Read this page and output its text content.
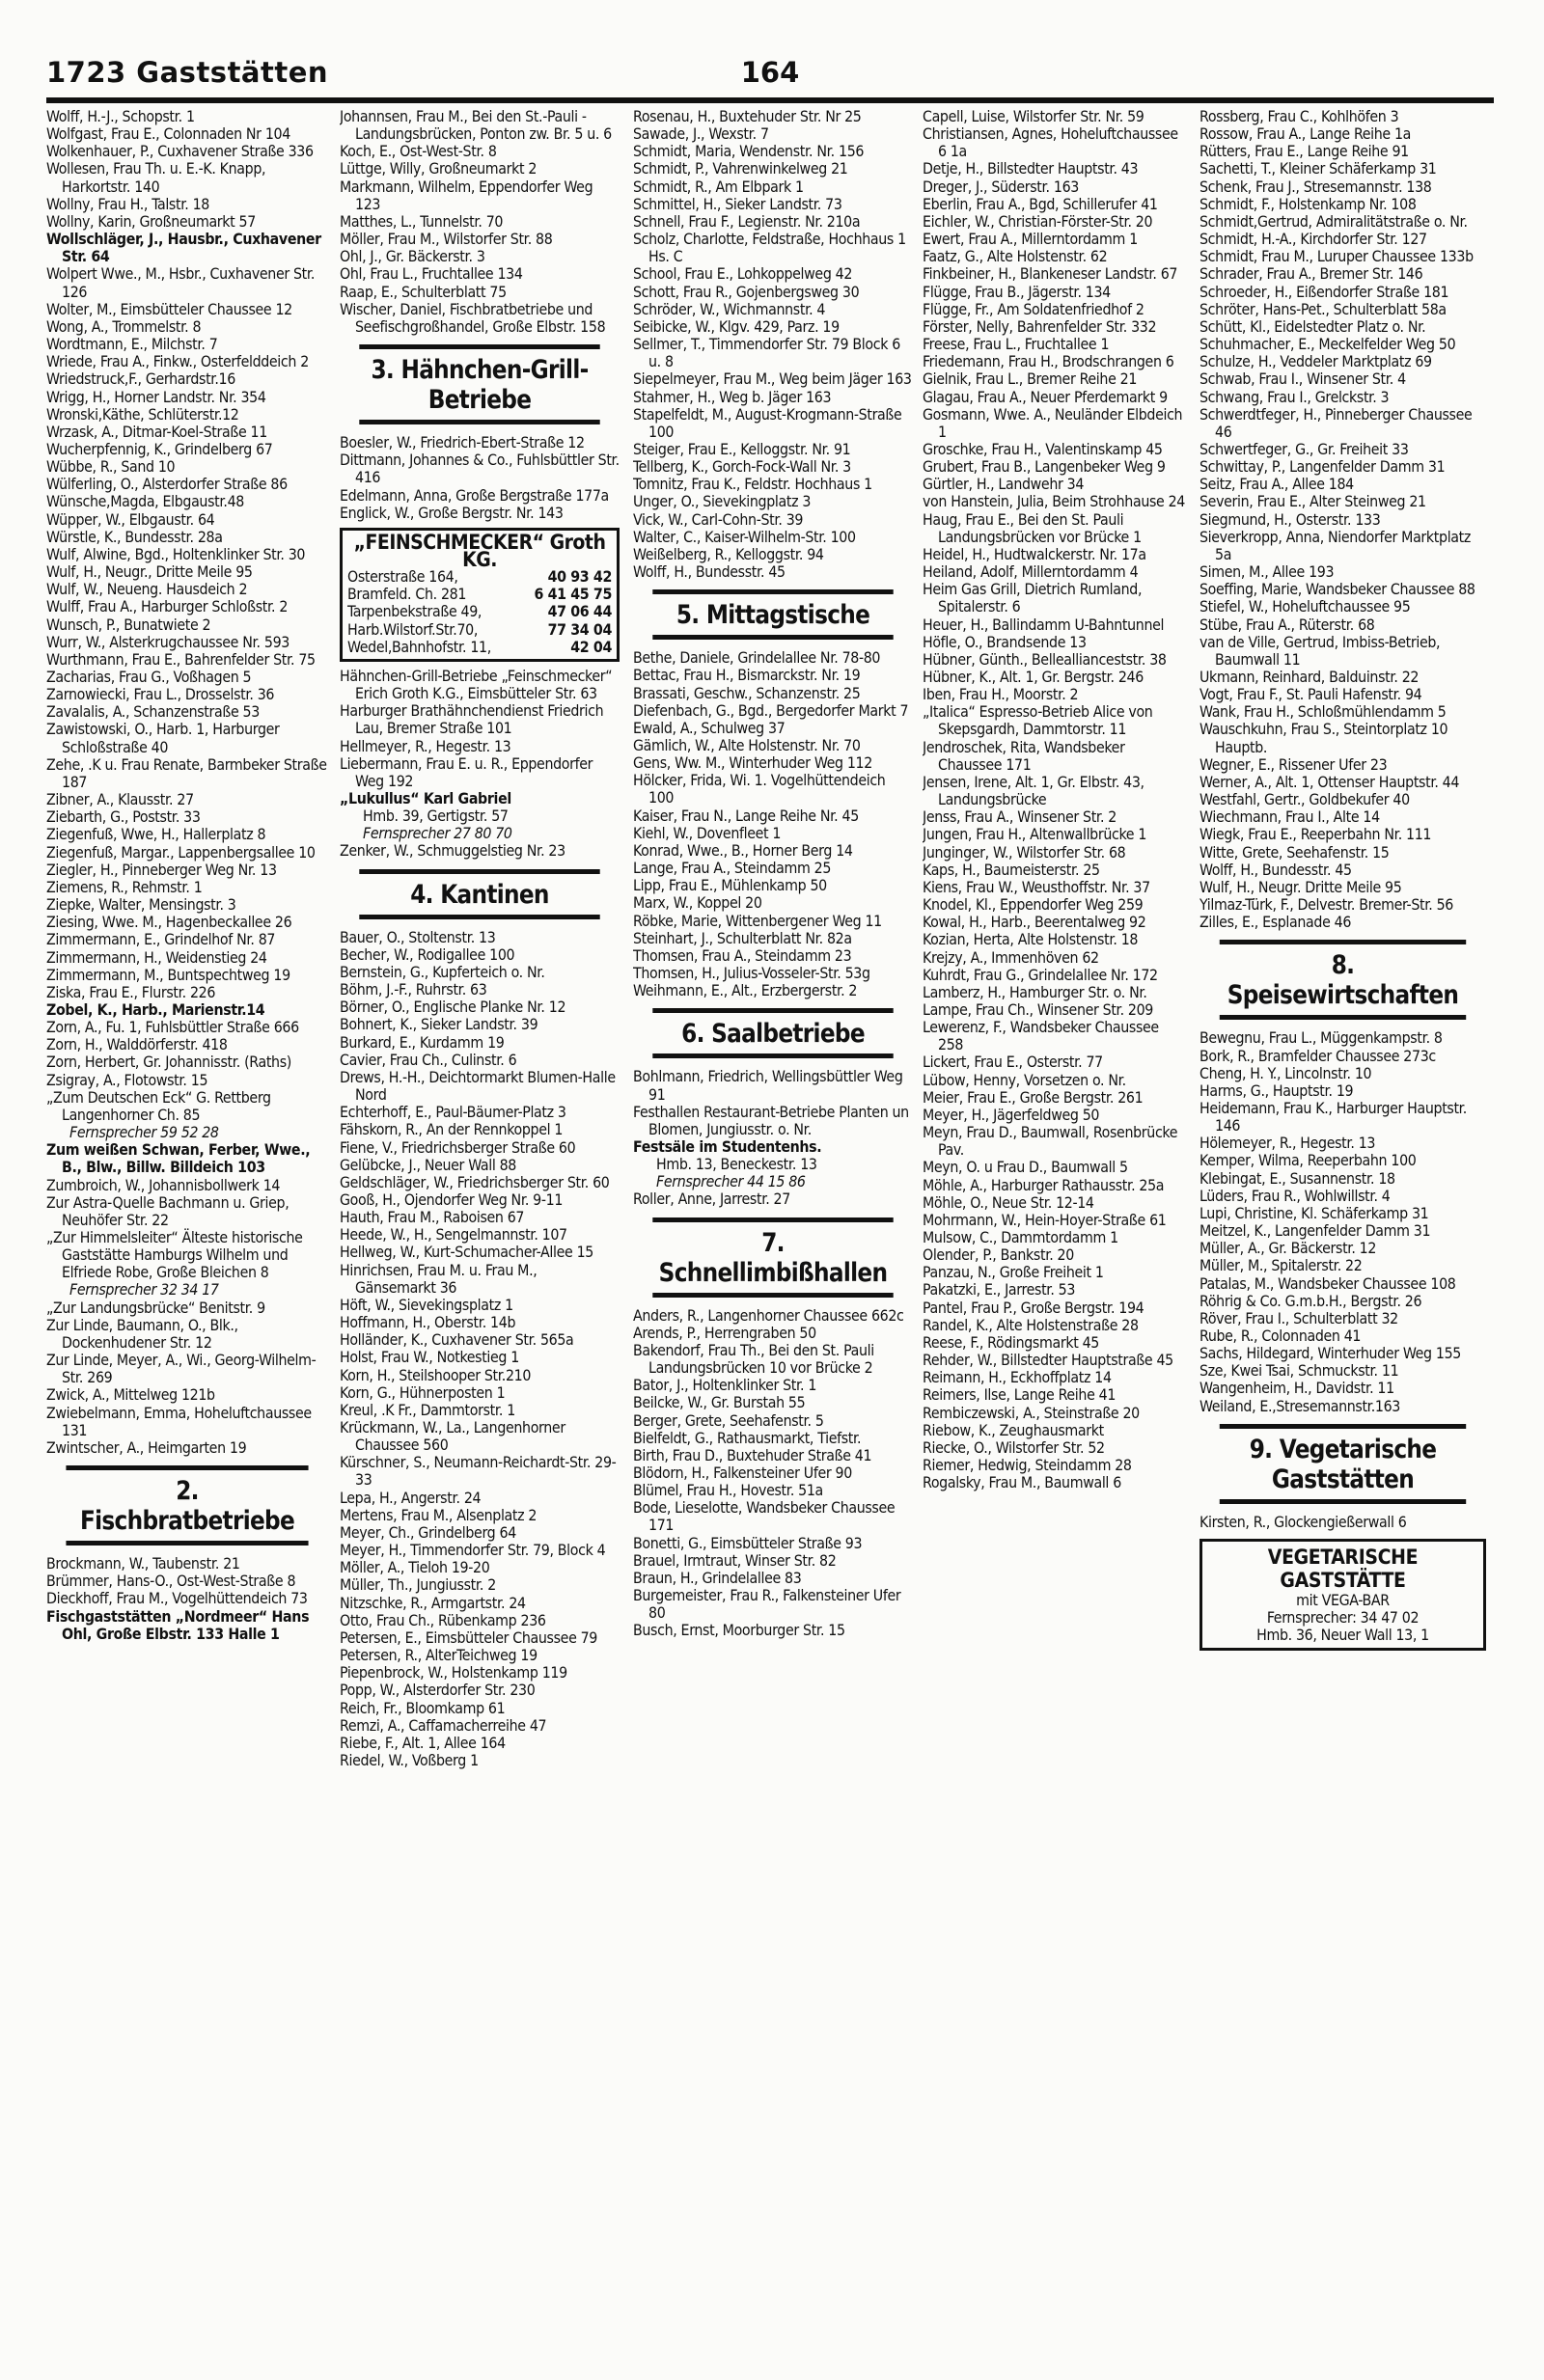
164
1723 Gaststätten
Wolff, H.-J., Schopstr. 1
Wolfgast, Frau E., Colonnaden Nr 104
Wolkenhauer, P., Cuxhavener Straße 336
Wollesen, Frau Th. u. E.-K. Knapp, Harkortstr. 140
Wollny, Frau H., Talstr. 18
Wollny, Karin, Großneumarkt 57
Wollschläger, J., Hausbr., Cuxhavener Str. 64
Wolpert Wwe., M., Hsbr., Cuxhavener Str. 126
Wolter, M., Eimsbütteler Chaussee 12
Wong, A., Trommelstr. 8
Wordtmann, E., Milchstr. 7
Wriede, Frau A., Finkw., Osterfelddeich 2
Wriedstruck,F., Gerhardstr.16
Wrigg, H., Horner Landstr. Nr. 354
Wronski,Käthe, Schlüterstr.12
Wrzask, A., Ditmar-Koel-Straße 11
Wucherpfennig, K., Grindelberg 67
Wübbe, R., Sand 10
Wülferling, O., Alsterdorfer Straße 86
Wünsche,Magda, Elbgaustr.48
Wüpper, W., Elbgaustr. 64
Würstle, K., Bundesstr. 28a
Wulf, Alwine, Bgd., Holtenklinker Str. 30
Wulf, H., Neugr., Dritte Meile 95
Wulf, W., Neueng. Hausdeich 2
Wulff, Frau A., Harburger Schloßstr. 2
Wunsch, P., Bunatwiete 2
Wurr, W., Alsterkrugchaussee Nr. 593
Wurthmann, Frau E., Bahrenfelder Str. 75
Zacharias, Frau G., Voßhagen 5
Zarnowiecki, Frau L., Drosselstr. 36
Zavalalis, A., Schanzenstraße 53
Zawistowski, O., Harb. 1, Harburger Schloßstraße 40
Zehe, .K u. Frau Renate, Barmbeker Straße 187
Zibner, A., Klausstr. 27
Ziebarth, G., Poststr. 33
Ziegenfuß, Wwe, H., Hallerplatz 8
Ziegenfuß, Margar., Lappenbergsallee 10
Ziegler, H., Pinneberger Weg Nr. 13
Ziemens, R., Rehmstr. 1
Ziepke, Walter, Mensingstr. 3
Ziesing, Wwe. M., Hagenbeckallee 26
Zimmermann, E., Grindelhof Nr. 87
Zimmermann, H., Weidenstieg 24
Zimmermann, M., Buntspechtweg 19
Ziska, Frau E., Flurstr. 226
Zobel, K., Harb., Marienstr.14
Zorn, A., Fu. 1, Fuhlsbüttler Straße 666
Zorn, H., Walddörferstr. 418
Zorn, Herbert, Gr. Johannisstr. (Raths)
Zsigray, A., Flotowstr. 15
„Zum Deutschen Eck“ G. Rettberg Langenhorner Ch. 85
Fernsprecher 59 52 28
Zum weißen Schwan, Ferber, Wwe., B., Blw., Billw. Billdeich 103
Zumbroich, W., Johannisbollwerk 14
Zur Astra-Quelle Bachmann u. Griep, Neuhöfer Str. 22
„Zur Himmelsleiter“ Älteste historische Gaststätte Hamburgs Wilhelm und Elfriede Robe, Große Bleichen 8
Fernsprecher 32 34 17
„Zur Landungsbrücke“ Benitstr. 9
Zur Linde, Baumann, O., Blk., Dockenhudener Str. 12
Zur Linde, Meyer, A., Wi., Georg-Wilhelm-Str. 269
Zwick, A., Mittelweg 121b
Zwiebelmann, Emma, Hoheluftchaussee 131
Zwintscher, A., Heimgarten 19
2. Fischbratbetriebe
Brockmann, W., Taubenstr. 21
Brümmer, Hans-O., Ost-West-Straße 8
Dieckhoff, Frau M., Vogelhüttendeich 73
Fischgaststätten „Nordmeer“ Hans Ohl, Große Elbstr. 133 Halle 1
Johannsen, Frau M., Bei den St.-Pauli - Landungsbrücken, Ponton zw. Br. 5 u. 6
Koch, E., Ost-West-Str. 8
Lüttge, Willy, Großneumarkt 2
Markmann, Wilhelm, Eppendorfer Weg 123
Matthes, L., Tunnelstr. 70
Möller, Frau M., Wilstorfer Str. 88
Ohl, J., Gr. Bäckerstr. 3
Ohl, Frau L., Fruchtallee 134
Raap, E., Schulterblatt 75
Wischer, Daniel, Fischbratbetriebe und Seefischgroßhandel, Große Elbstr. 158
3. Hähnchen-Grill-Betriebe
Boesler, W., Friedrich-Ebert-Straße 12
Dittmann, Johannes & Co., Fuhlsbüttler Str. 416
Edelmann, Anna, Große Bergstraße 177a
Englick, W., Große Bergstr. Nr. 143
„FEINSCHMECKER“ Groth KG.
Osterstraße 164,	40 93 42
Bramfeld. Ch. 281	6 41 45 75
Tarpenbekstraße 49,	47 06 44
Harb.Wilstorf.Str.70,	77 34 04
Wedel,Bahnhofstr. 11,	42 04
Hähnchen-Grill-Betriebe „Feinschmecker“ Erich Groth K.G., Eimsbütteler Str. 63
Harburger Brathähnchendienst Friedrich Lau, Bremer Straße 101
Hellmeyer, R., Hegestr. 13
Liebermann, Frau E. u. R., Eppendorfer Weg 192
„Lukullus“ Karl Gabriel
Hmb. 39, Gertigstr. 57
Fernsprecher 27 80 70
Zenker, W., Schmuggelstieg Nr. 23
4. Kantinen
Bauer, O., Stoltenstr. 13
Becher, W., Rodigallee 100
Bernstein, G., Kupferteich o. Nr.
Böhm, J.-F., Ruhrstr. 63
Börner, O., Englische Planke Nr. 12
Bohnert, K., Sieker Landstr. 39
Burkard, E., Kurdamm 19
Cavier, Frau Ch., Culinstr. 6
Drews, H.-H., Deichtormarkt Blumen-Halle Nord
Echterhoff, E., Paul-Bäumer-Platz 3
Fähskorn, R., An der Rennkoppel 1
Fiene, V., Friedrichsberger Straße 60
Gelübcke, J., Neuer Wall 88
Geldschläger, W., Friedrichsberger Str. 60
Gooß, H., Ojendorfer Weg Nr. 9-11
Hauth, Frau M., Raboisen 67
Heede, W., H., Sengelmannstr. 107
Hellweg, W., Kurt-Schumacher-Allee 15
Hinrichsen, Frau M. u. Frau M., Gänsemarkt 36
Höft, W., Sievekingsplatz 1
Hoffmann, H., Oberstr. 14b
Holländer, K., Cuxhavener Str. 565a
Holst, Frau W., Notkestieg 1
Korn, H., Steilshooper Str.210
Korn, G., Hühnerposten 1
Kreul, .K Fr., Dammtorstr. 1
Krückmann, W., La., Langenhorner Chaussee 560
Kürschner, S., Neumann-Reichardt-Str. 29-33
Lepa, H., Angerstr. 24
Mertens, Frau M., Alsenplatz 2
Meyer, Ch., Grindelberg 64
Meyer, H., Timmendorfer Str. 79, Block 4
Möller, A., Tieloh 19-20
Müller, Th., Jungiusstr. 2
Nitzschke, R., Armgartstr. 24
Otto, Frau Ch., Rübenkamp 236
Petersen, E., Eimsbütteler Chaussee 79
Petersen, R., AlterTeichweg 19
Piepenbrock, W., Holstenkamp 119
Popp, W., Alsterdorfer Str. 230
Reich, Fr., Bloomkamp 61
Remzi, A., Caffamacherreihe 47
Riebe, F., Alt. 1, Allee 164
Riedel, W., Voßberg 1
Rosenau, H., Buxtehuder Str. Nr 25
Sawade, J., Wexstr. 7
Schmidt, Maria, Wendenstr. Nr. 156
Schmidt, P., Vahrenwinkelweg 21
Schmidt, R., Am Elbpark 1
Schmittel, H., Sieker Landstr. 73
Schnell, Frau F., Legienstr. Nr. 210a
Scholz, Charlotte, Feldstraße, Hochhaus 1 Hs. C
School, Frau E., Lohkoppelweg 42
Schott, Frau R., Gojenbergsweg 30
Schröder, W., Wichmannstr. 4
Seibicke, W., Klgv. 429, Parz. 19
Sellmer, T., Timmendorfer Str. 79 Block 6 u. 8
Siepelmeyer, Frau M., Weg beim Jäger 163
Stahmer, H., Weg b. Jäger 163
Stapelfeldt, M., August-Krogmann-Straße 100
Steiger, Frau E., Kelloggstr. Nr. 91
Tellberg, K., Gorch-Fock-Wall Nr. 3
Tomnitz, Frau K., Feldstr. Hochhaus 1
Unger, O., Sievekingplatz 3
Vick, W., Carl-Cohn-Str. 39
Walter, C., Kaiser-Wilhelm-Str. 100
Weißelberg, R., Kelloggstr. 94
Wolff, H., Bundesstr. 45
5. Mittagstische
Bethe, Daniele, Grindelallee Nr. 78-80
Bettac, Frau H., Bismarckstr. Nr. 19
Brassati, Geschw., Schanzenstr. 25
Diefenbach, G., Bgd., Bergedorfer Markt 7
Ewald, A., Schulweg 37
Gämlich, W., Alte Holstenstr. Nr. 70
Gens, Ww. M., Winterhuder Weg 112
Hölcker, Frida, Wi. 1. Vogelhüttendeich 100
Kaiser, Frau N., Lange Reihe Nr. 45
Kiehl, W., Dovenfleet 1
Konrad, Wwe., B., Horner Berg 14
Lange, Frau A., Steindamm 25
Lipp, Frau E., Mühlenkamp 50
Marx, W., Koppel 20
Röbke, Marie, Wittenbergener Weg 11
Steinhart, J., Schulterblatt Nr. 82a
Thomsen, Frau A., Steindamm 23
Thomsen, H., Julius-Vosseler-Str. 53g
Weihmann, E., Alt., Erzbergerstr. 2
6. Saalbetriebe
Bohlmann, Friedrich, Wellingsbüttler Weg 91
Festhallen Restaurant-Betriebe Planten un Blomen, Jungiusstr. o. Nr.
Festsäle im Studentenhs.
Hmb. 13, Beneckestr. 13
Fernsprecher 44 15 86
Roller, Anne, Jarrestr. 27
7. Schnellimbißhallen
Anders, R., Langenhorner Chaussee 662c
Arends, P., Herrengraben 50
Bakendorf, Frau Th., Bei den St. Pauli Landungsbrücken 10 vor Brücke 2
Bator, J., Holtenklinker Str. 1
Beilcke, W., Gr. Burstah 55
Berger, Grete, Seehafenstr. 5
Bielfeldt, G., Rathausmarkt, Tiefstr.
Birth, Frau D., Buxtehuder Straße 41
Blödorn, H., Falkensteiner Ufer 90
Blümel, Frau H., Hovestr. 51a
Bode, Lieselotte, Wandsbeker Chaussee 171
Bonetti, G., Eimsbütteler Straße 93
Brauel, Irmtraut, Winser Str. 82
Braun, H., Grindelallee 83
Burgemeister, Frau R., Falkensteiner Ufer 80
Busch, Ernst, Moorburger Str. 15
Capell, Luise, Wilstorfer Str. Nr. 59
Christiansen, Agnes, Hoheluftchaussee 6 1a
Detje, H., Billstedter Hauptstr. 43
Dreger, J., Süderstr. 163
Eberlin, Frau A., Bgd, Schillerufer 41
Eichler, W., Christian-Förster-Str. 20
Ewert, Frau A., Millerntordamm 1
Faatz, G., Alte Holstenstr. 62
Finkbeiner, H., Blankeneser Landstr. 67
Flügge, Frau B., Jägerstr. 134
Flügge, Fr., Am Soldatenfriedhof 2
Förster, Nelly, Bahrenfelder Str. 332
Freese, Frau L., Fruchtallee 1
Friedemann, Frau H., Brodschrangen 6
Gielnik, Frau L., Bremer Reihe 21
Glagau, Frau A., Neuer Pferdemarkt 9
Gosmann, Wwe. A., Neuländer Elbdeich 1
Groschke, Frau H., Valentinskamp 45
Grubert, Frau B., Langenbeker Weg 9
Gürtler, H., Landwehr 34
von Hanstein, Julia, Beim Strohhause 24
Haug, Frau E., Bei den St. Pauli Landungsbrücken vor Brücke 1
Heidel, H., Hudtwalckerstr. Nr. 17a
Heiland, Adolf, Millerntordamm 4
Heim Gas Grill, Dietrich Rumland, Spitalerstr. 6
Heuer, H., Ballindamm U-Bahntunnel
Höfle, O., Brandsende 13
Hübner, Günth., Belleallianceststr. 38
Hübner, K., Alt. 1, Gr. Bergstr. 246
Iben, Frau H., Moorstr. 2
„Italica“ Espresso-Betrieb Alice von Skepsgardh, Dammtorstr. 11
Jendroschek, Rita, Wandsbeker Chaussee 171
Jensen, Irene, Alt. 1, Gr. Elbstr. 43, Landungsbrücke
Jenss, Frau A., Winsener Str. 2
Jungen, Frau H., Altenwallbrücke 1
Junginger, W., Wilstorfer Str. 68
Kaps, H., Baumeisterstr. 25
Kiens, Frau W., Weusthoffstr. Nr. 37
Knodel, Kl., Eppendorfer Weg 259
Kowal, H., Harb., Beerentalweg 92
Kozian, Herta, Alte Holstenstr. 18
Krejzy, A., Immenhöven 62
Kuhrdt, Frau G., Grindelallee Nr. 172
Lamberz, H., Hamburger Str. o. Nr.
Lampe, Frau Ch., Winsener Str. 209
Lewerenz, F., Wandsbeker Chaussee 258
Lickert, Frau E., Osterstr. 77
Lübow, Henny, Vorsetzen o. Nr.
Meier, Frau E., Große Bergstr. 261
Meyer, H., Jägerfeldweg 50
Meyn, Frau D., Baumwall, Rosenbrücke Pav.
Meyn, O. u Frau D., Baumwall 5
Möhle, A., Harburger Rathausstr. 25a
Möhle, O., Neue Str. 12-14
Mohrmann, W., Hein-Hoyer-Straße 61
Mulsow, C., Dammtordamm 1
Olender, P., Bankstr. 20
Panzau, N., Große Freiheit 1
Pakatzki, E., Jarrestr. 53
Pantel, Frau P., Große Bergstr. 194
Randel, K., Alte Holstenstraße 28
Reese, F., Rödingsmarkt 45
Rehder, W., Billstedter Hauptstraße 45
Reimann, H., Eckhoffplatz 14
Reimers, Ilse, Lange Reihe 41
Rembiczewski, A., Steinstraße 20
Riebow, K., Zeughausmarkt
Riecke, O., Wilstorfer Str. 52
Riemer, Hedwig, Steindamm 28
Rogalsky, Frau M., Baumwall 6
Rossberg, Frau C., Kohlhöfen 3
Rossow, Frau A., Lange Reihe 1a
Rütters, Frau E., Lange Reihe 91
Sachetti, T., Kleiner Schäferkamp 31
Schenk, Frau J., Stresemannstr. 138
Schmidt, F., Holstenkamp Nr. 108
Schmidt,Gertrud, Admiralitätstraße o. Nr.
Schmidt, H.-A., Kirchdorfer Str. 127
Schmidt, Frau M., Luruper Chaussee 133b
Schrader, Frau A., Bremer Str. 146
Schroeder, H., Eißendorfer Straße 181
Schröter, Hans-Pet., Schulterblatt 58a
Schütt, Kl., Eidelstedter Platz o. Nr.
Schuhmacher, E., Meckelfelder Weg 50
Schulze, H., Veddeler Marktplatz 69
Schwab, Frau I., Winsener Str. 4
Schwang, Frau I., Grelckstr. 3
Schwerdtfeger, H., Pinneberger Chaussee 46
Schwertfeger, G., Gr. Freiheit 33
Schwittay, P., Langenfelder Damm 31
Seitz, Frau A., Allee 184
Severin, Frau E., Alter Steinweg 21
Siegmund, H., Osterstr. 133
Sieverkropp, Anna, Niendorfer Marktplatz 5a
Simen, M., Allee 193
Soeffing, Marie, Wandsbeker Chaussee 88
Stiefel, W., Hoheluftchaussee 95
Stübe, Frau A., Rüterstr. 68
van de Ville, Gertrud, Imbiss-Betrieb, Baumwall 11
Ukmann, Reinhard, Balduinstr. 22
Vogt, Frau F., St. Pauli Hafenstr. 94
Wank, Frau H., Schloßmühlendamm 5
Wauschkuhn, Frau S., Steintorplatz 10 Hauptb.
Wegner, E., Rissener Ufer 23
Werner, A., Alt. 1, Ottenser Hauptstr. 44
Westfahl, Gertr., Goldbekufer 40
Wiechmann, Frau I., Alte 14
Wiegk, Frau E., Reeperbahn Nr. 111
Witte, Grete, Seehafenstr. 15
Wolff, H., Bundesstr. 45
Wulf, H., Neugr. Dritte Meile 95
Yilmaz-Türk, F., Delvestr. Bremer-Str. 56
Zilles, E., Esplanade 46
8. Speisewirtschaften
Bewegnu, Frau L., Müggenkampstr. 8
Bork, R., Bramfelder Chaussee 273c
Cheng, H. Y., Lincolnstr. 10
Harms, G., Hauptstr. 19
Heidemann, Frau K., Harburger Hauptstr. 146
Hölemeyer, R., Hegestr. 13
Kemper, Wilma, Reeperbahn 100
Klebingat, E., Susannenstr. 18
Lüders, Frau R., Wohlwillstr. 4
Lupi, Christine, Kl. Schäferkamp 31
Meitzel, K., Langenfelder Damm 31
Müller, A., Gr. Bäckerstr. 12
Müller, M., Spitalerstr. 22
Patalas, M., Wandsbeker Chaussee 108
Röhrig & Co. G.m.b.H., Bergstr. 26
Röver, Frau I., Schulterblatt 32
Rube, R., Colonnaden 41
Sachs, Hildegard, Winterhuder Weg 155
Sze, Kwei Tsai, Schmuckstr. 11
Wangenheim, H., Davidstr. 11
Weiland, E.,Stresemannstr.163
9. Vegetarische Gaststätten
Kirsten, R., Glockengießerwall 6
VEGETARISCHE GASTSTÄTTE
mit VEGA-BAR
Fernsprecher: 34 47 02
Hmb. 36, Neuer Wall 13, 1
